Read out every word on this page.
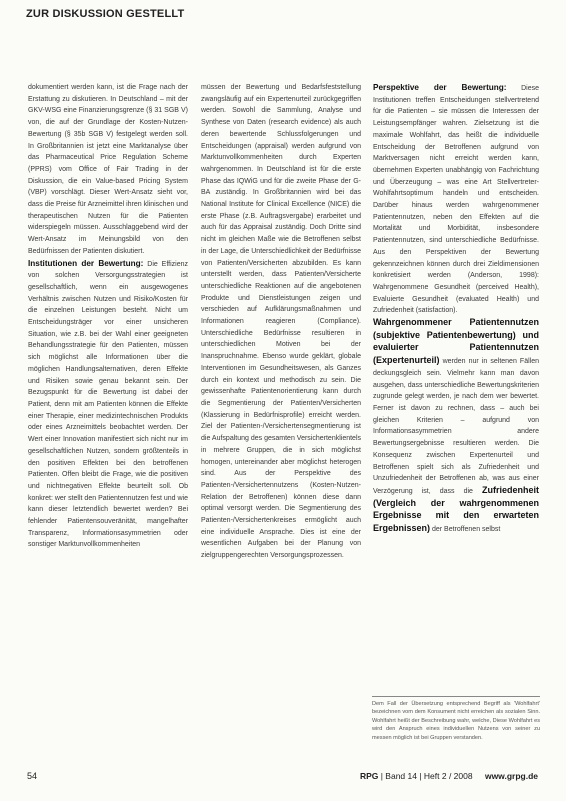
ZUR DISKUSSION GESTELLT

dokumentiert werden kann, ist die Frage nach der Erstattung zu diskutieren. In Deutschland – mit der GKV-WSG eine Finanzierungsgrenze (§ 31 SGB V) von, die auf der Grundlage der Kosten-Nutzen-Bewertung (§ 35b SGB V) festgelegt werden soll. In Großbritannien ist jetzt eine Marktanalyse über das Pharmaceutical Price Regulation Scheme (PPRS) vom Office of Fair Trading in der Diskussion, die ein Value-based Pricing System (VBP) vorschlägt. Dieser Wert-Ansatz sieht vor, dass die Preise für Arzneimittel ihren klinischen und therapeutischen Nutzen für die Patienten widerspiegeln müssen. Ausschlaggebend wird der Wert-Ansatz im Meinungsbild von den Bedürfnissen der Patienten diskutiert.

Institutionen der Bewertung: Die Effizienz von solchen Versorgungsstrategien ist gesellschaftlich, wenn ein ausgewogenes Verhältnis zwischen Nutzen und Risiko/Kosten für die einzelnen Leistungen besteht. Nicht um Entscheidungsträger vor einer unsicheren Situation, wie z.B. bei der Wahl einer geeigneten Behandlungsstrategie für den Patienten, müssen sich möglichst alle Informationen über die möglichen Handlungsalternativen, deren Effekte und Risiken sowie genau bekannt sein. Der Bezugspunkt für die Bewertung ist dabei der Patient, denn mit am Patienten können die Effekte einer Therapie, einer medizintechnischen Produkts oder eines Arzneimittels beobachtet werden. Der Wert einer Innovation manifestiert sich nicht nur im gesellschaftlichen Nutzen, sondern größtenteils in den positiven Effekten bei den betroffenen Patienten. Offen bleibt die Frage, wie die positiven und nichtnegativen Effekte beurteilt soll. Ob konkret: wer stellt den Patientennutzen fest und wie kann dieser letztendlich bewertet werden? Bei fehlender Patientensouveränität, mangelhafter Transparenz, Informationsasymmetrien oder sonstiger Marktunvollkommenheiten

müssen der Bewertung und Bedarfsfeststellung zwangsläufig auf ein Expertenurteil zurückgegriffen werden. Sowohl die Sammlung, Analyse und Synthese von Daten (research evidence) als auch deren bewertende Schlussfolgerungen und Entscheidungen (appraisal) werden aufgrund von Marktunvollkommenheiten durch Experten wahrgenommen. In Deutschland ist für die erste Phase das IQWiG und für die zweite Phase der G-BA zuständig. In Großbritannien wird bei das National Institute for Clinical Excellence (NICE) die erste Phase (z.B. Auftragsvergabe) erarbeitet und auch für das Appraisal zuständig. Doch Dritte sind nicht im gleichen Maße wie die Betroffenen selbst in der Lage, die Unterschiedlichkeit der Bedürfnisse von Patienten/Versicherten abzubilden. Es kann unterstellt werden, dass Patienten/Versicherte unterschiedliche Reaktionen auf die angebotenen Produkte und Dienstleistungen zeigen und verschieden auf Aufklärungsmaßnahmen und Informationen reagieren (Compliance). Unterschiedliche Bedürfnisse resultieren in unterschiedlichen Motiven bei der Inanspruchnahme. Ebenso wurde geklärt, globale Interventionen im Gesundheitswesen, als Ganzes durch ein kontext und methodisch zu sein. Die gewissenhafte Patientenorientierung kann durch die Segmentierung der Patienten/Versicherten (Klassierung in Bedürfnisprofile) erreicht werden. Ziel der Patienten-/Versichertensegmentierung ist die Aufspaltung des gesamten Versichertenklientels in mehrere Gruppen, die in sich möglichst homogen, untereinander aber möglichst heterogen sind. Aus der Perspektive des Patienten-/Versichertennutzens (Kosten-Nutzen-Relation der Betroffenen) können diese dann optimal versorgt werden. Die Segmentierung des Patienten-/Versichertenkreises ermöglicht auch eine individuelle Ansprache. Dies ist eine der wesentlichen Aufgaben bei der Planung von zielgruppengerechten Versorgungsprozessen.

Perspektive der Bewertung: Diese Institutionen treffen Entscheidungen stellvertretend für die Patienten – sie müssen die Interessen der Leistungsempfänger wahren. Zielsetzung ist die maximale Wohlfahrt, das heißt die individuelle Entscheidung der Betroffenen aufgrund von Marktversagen nicht erreicht werden kann, übernehmen Experten unabhängig von Fachrichtung und Überzeugung – was eine Art Stellvertreter-Wohlfahrtsoptimum handeln und entscheiden. Darüber hinaus werden wahrgenommener Patientennutzen, neben den Effekten auf die Mortalität und Morbidität, insbesondere Patientennutzen, sind unterschiedliche Bedürfnisse. Aus den Perspektiven der Bewertung gekennzeichnen können durch drei Zieldimensionen konkretisiert werden (Anderson, 1998): Wahrgenommene Gesundheit (perceived Health), Evaluierte Gesundheit (evaluated Health) und Zufriedenheit (satisfaction).

Wahrgenommener Patientennutzen (subjektive Patientenbewertung) und evaluierter Patientennutzen (Expertenurteil) werden nur in seltenen Fällen deckungsgleich sein. Vielmehr kann man davon ausgehen, dass unterschiedliche Bewertungskriterien zugrunde gelegt werden, je nach dem wer bewertet. Ferner ist davon zu rechnen, dass – auch bei gleichen Kriterien – aufgrund von Informationsasymmetrien andere Bewertungsergebnisse resultieren werden. Die Konsequenz zwischen Expertenurteil und Betroffenen spielt sich als Zufriedenheit und Unzufriedenheit der Betroffenen ab, was aus einer Verzögerung ist, dass die Zufriedenheit (Vergleich der wahrgenommenen Ergebnisse mit den erwarteten Ergebnissen) der Betroffenen selbst

Dem Fall der Übersetzung entsprechend Begriff als 'Wohlfahrt' bezeichnen vom dem Konsument nicht erreichen als sozialen Sinn. Wohlfahrt heißt der Beschreibung wahr, welche, Diese Wohlfahrt es wird den Anspruch eines individuellen Nutzens von seiner zu messen möglich ist bei Gruppen verstanden.
54	RPG | Band 14 | Heft 2 / 2008 www.grpg.de
